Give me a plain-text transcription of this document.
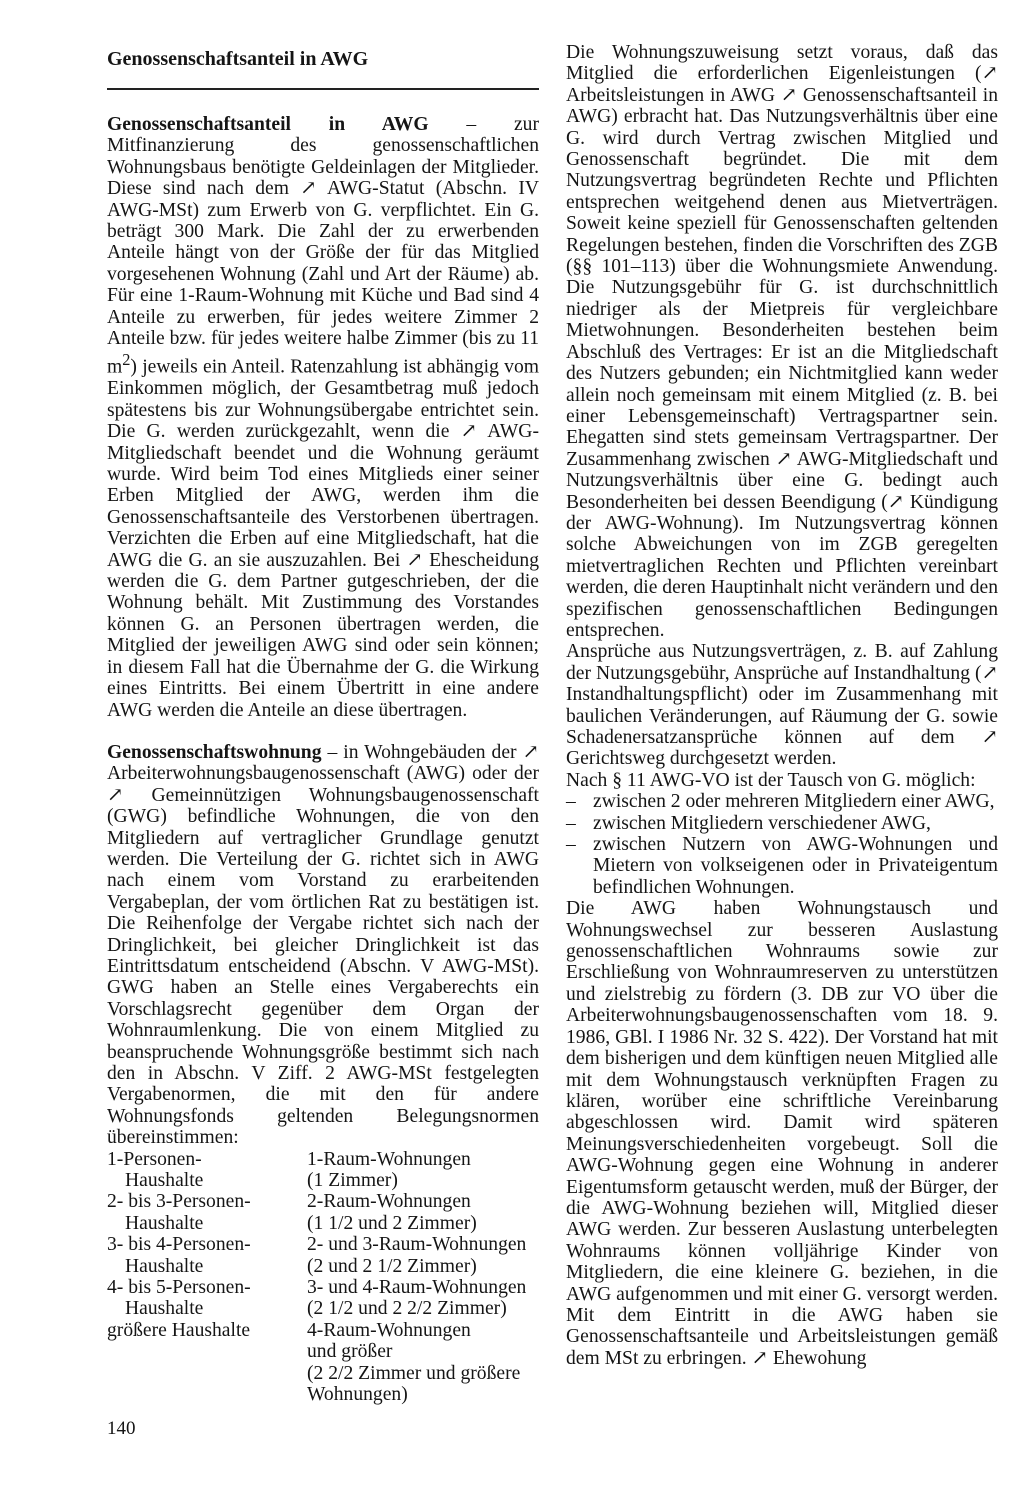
Genossenschaftsanteil in AWG

Genossenschaftsanteil in AWG – zur Mitfinanzierung des genossenschaftlichen Wohnungsbaus benötigte Geldeinlagen der Mitglieder. Diese sind nach dem ↗ AWG-Statut (Abschn. IV AWG-MSt) zum Erwerb von G. verpflichtet. Ein G. beträgt 300 Mark. Die Zahl der zu erwerbenden Anteile hängt von der Größe der für das Mitglied vorgesehenen Wohnung (Zahl und Art der Räume) ab. Für eine 1-Raum-Wohnung mit Küche und Bad sind 4 Anteile zu erwerben, für jedes weitere Zimmer 2 Anteile bzw. für jedes weitere halbe Zimmer (bis zu 11 $m^2$) jeweils ein Anteil. Ratenzahlung ist abhängig vom Einkommen möglich, der Gesamtbetrag muß jedoch spätestens bis zur Wohnungsübergabe entrichtet sein. Die G. werden zurückgezahlt, wenn die ↗ AWG-Mitgliedschaft beendet und die Wohnung geräumt wurde. Wird beim Tod eines Mitglieds einer seiner Erben Mitglied der AWG, werden ihm die Genossenschaftsanteile des Verstorbenen übertragen. Verzichten die Erben auf eine Mitgliedschaft, hat die AWG die G. an sie auszuzahlen. Bei ↗ Ehescheidung werden die G. dem Partner gutgeschrieben, der die Wohnung behält. Mit Zustimmung des Vorstandes können G. an Personen übertragen werden, die Mitglied der jeweiligen AWG sind oder sein können; in diesem Fall hat die Übernahme der G. die Wirkung eines Eintritts. Bei einem Übertritt in eine andere AWG werden die Anteile an diese übertragen.

Genossenschaftswohnung – in Wohngebäuden der ↗ Arbeiterwohnungsbaugenossenschaft (AWG) oder der ↗ Gemeinnützigen Wohnungsbaugenossenschaft (GWG) befindliche Wohnungen, die von den Mitgliedern auf vertraglicher Grundlage genutzt werden. Die Verteilung der G. richtet sich in AWG nach einem vom Vorstand zu erarbeitenden Vergabeplan, der vom örtlichen Rat zu bestätigen ist. Die Reihenfolge der Vergabe richtet sich nach der Dringlichkeit, bei gleicher Dringlichkeit ist das Eintrittsdatum entscheidend (Abschn. V AWG-MSt). GWG haben an Stelle eines Vergaberechts ein Vorschlagsrecht gegenüber dem Organ der Wohnraumlenkung. Die von einem Mitglied zu beanspruchende Wohnungsgröße bestimmt sich nach den in Abschn. V Ziff. 2 AWG-MSt festgelegten Vergabenormen, die mit den für andere Wohnungsfonds geltenden Belegungsnormen übereinstimmen:

1-Personen-	1-Raum-Wohnungen
Haushalte	(1 Zimmer)
2- bis 3-Personen-	2-Raum-Wohnungen
Haushalte	(1 1/2 und 2 Zimmer)
3- bis 4-Personen-	2- und 3-Raum-Wohnungen
Haushalte	(2 und 2 1/2 Zimmer)
4- bis 5-Personen-	3- und 4-Raum-Wohnungen
Haushalte	(2 1/2 und 2 2/2 Zimmer)
größere Haushalte	4-Raum-Wohnungen
und größer
(2 2/2 Zimmer und größere
Wohnungen)

Die Wohnungszuweisung setzt voraus, daß das Mitglied die erforderlichen Eigenleistungen (↗ Arbeitsleistungen in AWG ↗ Genossenschaftsanteil in AWG) erbracht hat. Das Nutzungsverhältnis über eine G. wird durch Vertrag zwischen Mitglied und Genossenschaft begründet. Die mit dem Nutzungsvertrag begründeten Rechte und Pflichten entsprechen weitgehend denen aus Mietverträgen. Soweit keine speziell für Genossenschaften geltenden Regelungen bestehen, finden die Vorschriften des ZGB (§§ 101–113) über die Wohnungsmiete Anwendung. Die Nutzungsgebühr für G. ist durchschnittlich niedriger als der Mietpreis für vergleichbare Mietwohnungen. Besonderheiten bestehen beim Abschluß des Vertrages: Er ist an die Mitgliedschaft des Nutzers gebunden; ein Nichtmitglied kann weder allein noch gemeinsam mit einem Mitglied (z. B. bei einer Lebensgemeinschaft) Vertragspartner sein. Ehegatten sind stets gemeinsam Vertragspartner. Der Zusammenhang zwischen ↗ AWG-Mitgliedschaft und Nutzungsverhältnis über eine G. bedingt auch Besonderheiten bei dessen Beendigung (↗ Kündigung der AWG-Wohnung). Im Nutzungsvertrag können solche Abweichungen von im ZGB geregelten mietvertraglichen Rechten und Pflichten vereinbart werden, die deren Hauptinhalt nicht verändern und den spezifischen genossenschaftlichen Bedingungen entsprechen.

Ansprüche aus Nutzungsverträgen, z. B. auf Zahlung der Nutzungsgebühr, Ansprüche auf Instandhaltung (↗ Instandhaltungspflicht) oder im Zusammenhang mit baulichen Veränderungen, auf Räumung der G. sowie Schadenersatzansprüche können auf dem ↗ Gerichtsweg durchgesetzt werden.

Nach § 11 AWG-VO ist der Tausch von G. möglich:

– zwischen 2 oder mehreren Mitgliedern einer AWG,
– zwischen Mitgliedern verschiedener AWG,
– zwischen Nutzern von AWG-Wohnungen und Mietern von volkseigenen oder in Privateigentum befindlichen Wohnungen.

Die AWG haben Wohnungstausch und Wohnungswechsel zur besseren Auslastung genossenschaftlichen Wohnraums sowie zur Erschließung von Wohnraumreserven zu unterstützen und zielstrebig zu fördern (3. DB zur VO über die Arbeiterwohnungsbaugenossenschaften vom 18. 9. 1986, GBl. I 1986 Nr. 32 S. 422). Der Vorstand hat mit dem bisherigen und dem künftigen neuen Mitglied alle mit dem Wohnungstausch verknüpften Fragen zu klären, worüber eine schriftliche Vereinbarung abgeschlossen wird. Damit wird späteren Meinungsverschiedenheiten vorgebeugt. Soll die AWG-Wohnung gegen eine Wohnung in anderer Eigentumsform getauscht werden, muß der Bürger, der die AWG-Wohnung beziehen will, Mitglied dieser AWG werden. Zur besseren Auslastung unterbelegten Wohnraums können volljährige Kinder von Mitgliedern, die eine kleinere G. beziehen, in die AWG aufgenommen und mit einer G. versorgt werden. Mit dem Eintritt in die AWG haben sie Genossenschaftsanteile und Arbeitsleistungen gemäß dem MSt zu erbringen. ↗ Ehewohung

140
